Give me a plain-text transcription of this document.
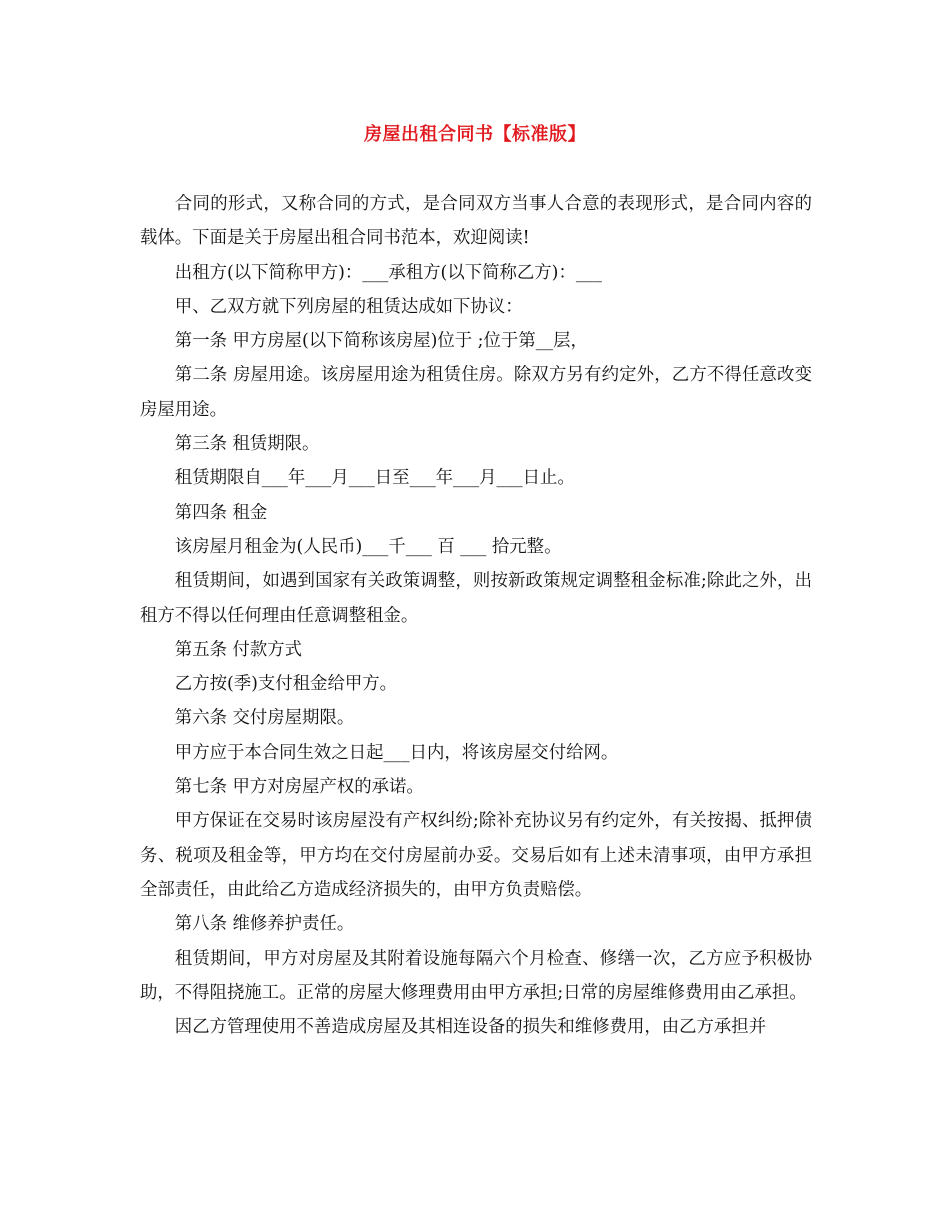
房屋出租合同书【标准版】

合同的形式，又称合同的方式，是合同双方当事人合意的表现形式，是合同内容的载体。下面是关于房屋出租合同书范本，欢迎阅读!

出租方(以下简称甲方)：___承租方(以下简称乙方)：___

甲、乙双方就下列房屋的租赁达成如下协议：

第一条 甲方房屋(以下简称该房屋)位于 ;位于第__层，

第二条 房屋用途。该房屋用途为租赁住房。除双方另有约定外，乙方不得任意改变房屋用途。

第三条 租赁期限。

租赁期限自___年___月___日至___年___月___日止。

第四条 租金

该房屋月租金为(人民币)___千___ 百 ___ 拾元整。

租赁期间，如遇到国家有关政策调整，则按新政策规定调整租金标准;除此之外，出租方不得以任何理由任意调整租金。

第五条 付款方式

乙方按(季)支付租金给甲方。

第六条 交付房屋期限。

甲方应于本合同生效之日起___日内，将该房屋交付给网。

第七条 甲方对房屋产权的承诺。

甲方保证在交易时该房屋没有产权纠纷;除补充协议另有约定外，有关按揭、抵押债务、税项及租金等，甲方均在交付房屋前办妥。交易后如有上述未清事项，由甲方承担全部责任，由此给乙方造成经济损失的，由甲方负责赔偿。

第八条 维修养护责任。

租赁期间，甲方对房屋及其附着设施每隔六个月检查、修缮一次，乙方应予积极协助，不得阻挠施工。正常的房屋大修理费用由甲方承担;日常的房屋维修费用由乙承担。

因乙方管理使用不善造成房屋及其相连设备的损失和维修费用，由乙方承担并
